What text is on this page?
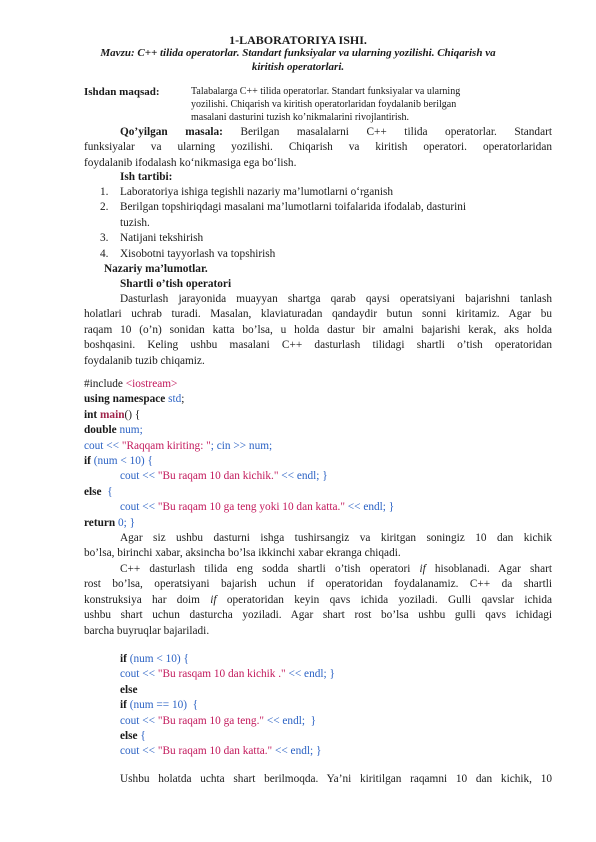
1-LABORATORIYA ISHI.
Mavzu: C++ tilida operatorlar. Standart funksiyalar va ularning yozilishi. Chiqarish va kiritish operatorlari.
Ishdan maqsad:	Talabalarga C++ tilida operatorlar. Standart funksiyalar va ularning
yozilishi. Chiqarish va kiritish operatorlaridan foydalanib berilgan
masalani dasturini tuzish ko’nikmalarini rivojlantirish.
Qo’yilgan masala: Berilgan masalalarni C++ tilida operatorlar. Standart
funksiyalar va ularning yozilishi. Chiqarish va kiritish operatori. operatorlaridan
foydalanib ifodalash ko‘nikmasiga ega bo‘lish.
Ish tartibi:
1. Laboratoriya ishiga tegishli nazariy ma’lumotlarni o‘rganish
2. Berilgan topshiriqdagi masalani ma’lumotlarni toifalarida ifodalab, dasturini
tuzish.
3. Natijani tekshirish
4. Xisobotni tayyorlash va topshirish
Nazariy ma’lumotlar.
Shartli o’tish operatori
Dasturlash jarayonida muayyan shartga qarab qaysi operatsiyani bajarishni tanlash
holatlari uchrab turadi. Masalan, klaviaturadan qandaydir butun sonni kiritamiz. Agar bu
raqam 10 (o’n) sonidan katta bo’lsa, u holda dastur bir amalni bajarishi kerak, aks holda
boshqasini. Keling ushbu masalani C++ dasturlash tilidagi shartli o’tish operatoridan
foydalanib tuzib chiqamiz.
#include <iostream>
using namespace std;
int main() {
double num;
cout << "Raqqam kiriting: "; cin >> num;
if (num < 10) {
cout << "Bu raqam 10 dan kichik." << endl; }
else  {
cout << "Bu raqam 10 ga teng yoki 10 dan katta." << endl; }
return 0; }
Agar siz ushbu dasturni ishga tushirsangiz va kiritgan soningiz 10 dan kichik
bo’lsa, birinchi xabar, aksincha bo’lsa ikkinchi xabar ekranga chiqadi.
C++ dasturlash tilida eng sodda shartli o’tish operatori if hisoblanadi. Agar shart
rost bo’lsa, operatsiyani bajarish uchun if operatoridan foydalanamiz. C++ da shartli
konstruksiya har doim if operatoridan keyin qavs ichida yoziladi. Gulli qavslar ichida
ushbu shart uchun dasturcha yoziladi. Agar shart rost bo’lsa ushbu gulli qavs ichidagi
barcha buyruqlar bajariladi.
if (num < 10) {
cout << "Bu rasqam 10 dan kichik ." << endl; }
else
if (num == 10)  {
cout << "Bu raqam 10 ga teng." << endl;  }
else {
cout << "Bu raqam 10 dan katta." << endl; }
Ushbu holatda uchta shart berilmoqda. Ya’ni kiritilgan raqamni 10 dan kichik, 10
